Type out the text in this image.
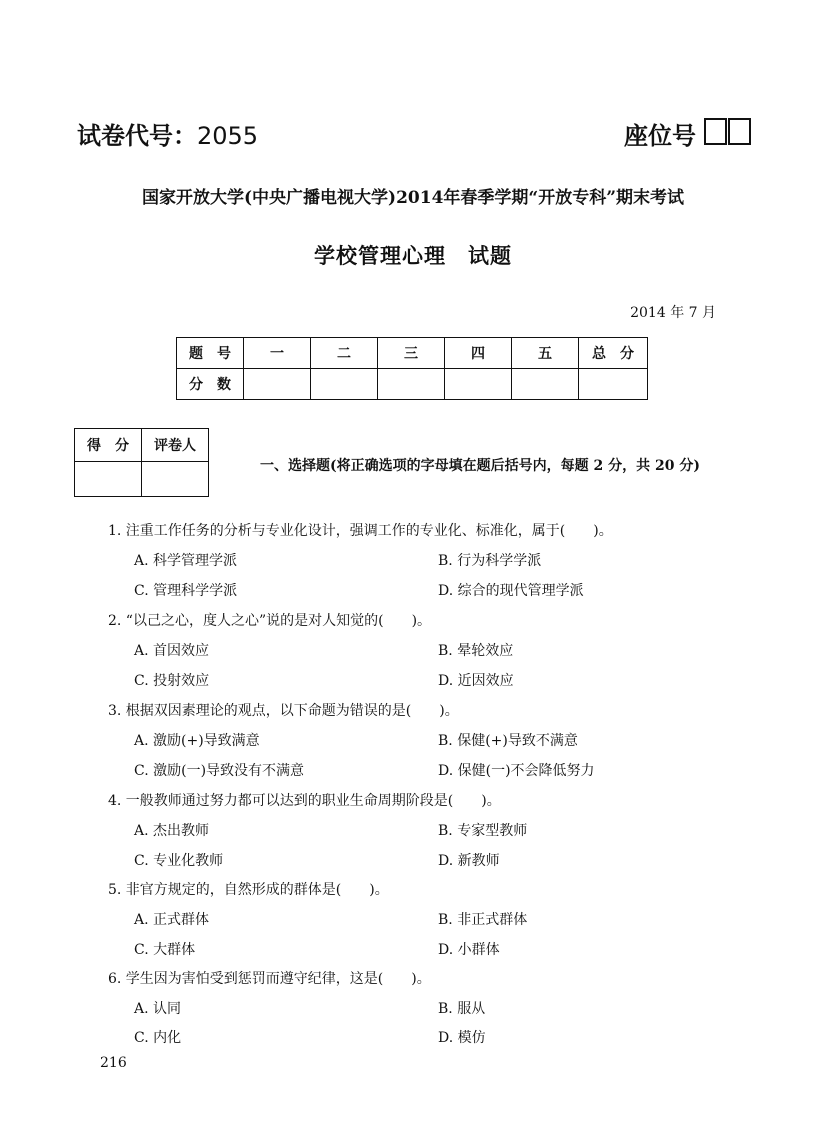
试卷代号：2055	座位号
国家开放大学(中央广播电视大学)2014年春季学期“开放专科”期末考试
学校管理心理　试题
2014 年 7 月
题　号	一	二	三	四	五	总　分
分　数						
得　分	评卷人

一、选择题(将正确选项的字母填在题后括号内，每题 2 分，共 20 分)
1. 注重工作任务的分析与专业化设计，强调工作的专业化、标准化，属于(　　)。
A. 科学管理学派	B. 行为科学学派
C. 管理科学学派	D. 综合的现代管理学派
2. “以己之心，度人之心”说的是对人知觉的(　　)。
A. 首因效应	B. 晕轮效应
C. 投射效应	D. 近因效应
3. 根据双因素理论的观点，以下命题为错误的是(　　)。
A. 激励(+)导致满意	B. 保健(+)导致不满意
C. 激励(一)导致没有不满意	D. 保健(一)不会降低努力
4. 一般教师通过努力都可以达到的职业生命周期阶段是(　　)。
A. 杰出教师	B. 专家型教师
C. 专业化教师	D. 新教师
5. 非官方规定的，自然形成的群体是(　　)。
A. 正式群体	B. 非正式群体
C. 大群体	D. 小群体
6. 学生因为害怕受到惩罚而遵守纪律，这是(　　)。
A. 认同	B. 服从
C. 内化	D. 模仿
216
